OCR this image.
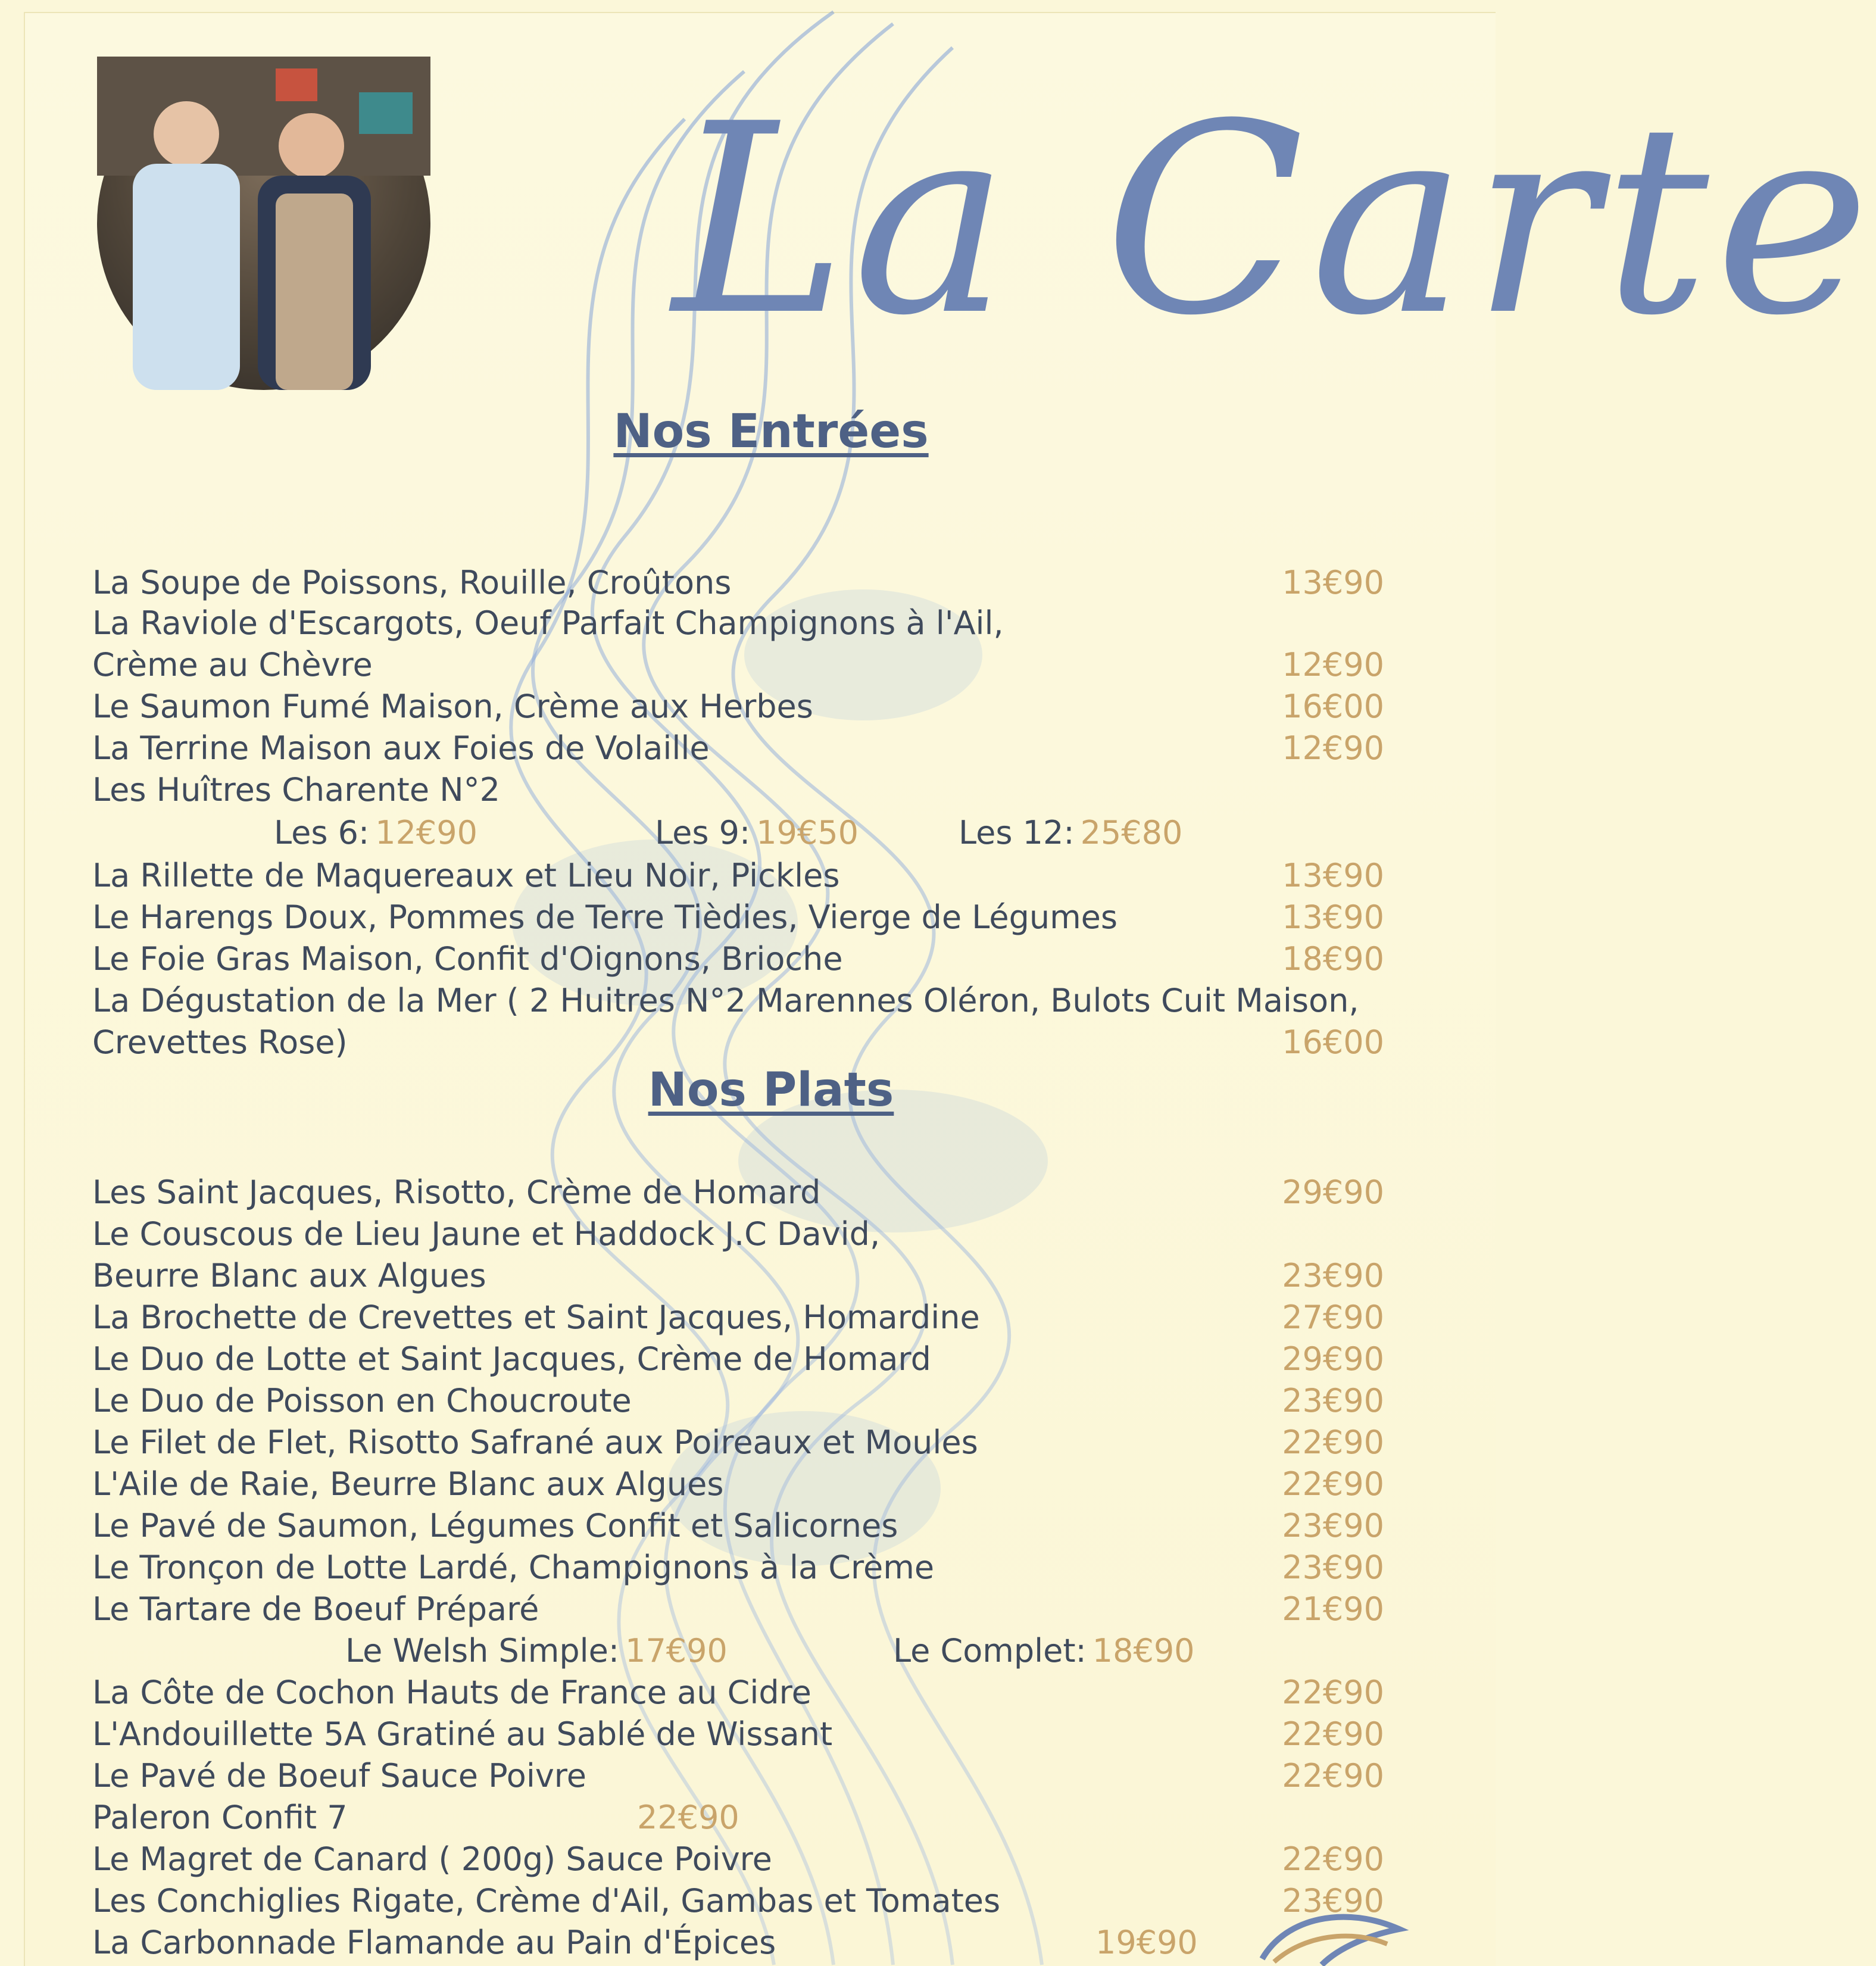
La Carte
Nos Entrées
La Soupe de Poissons, Rouille, Croûtons	13€90
La Raviole d'Escargots, Oeuf Parfait Champignons à l'Ail,
Crème au Chèvre	12€90
Le Saumon Fumé Maison, Crème aux Herbes	16€00
La Terrine Maison aux Foies de Volaille	12€90
Les Huîtres Charente N°2
Les 6: 12€90	Les 9: 19€50	Les 12: 25€80
La Rillette de Maquereaux et Lieu Noir, Pickles	13€90
Le Harengs Doux, Pommes de Terre Tièdies, Vierge de Légumes	13€90
Le Foie Gras Maison, Confit d'Oignons, Brioche	18€90
La Dégustation de la Mer ( 2 Huitres N°2 Marennes Oléron, Bulots Cuit Maison,
Crevettes Rose)	16€00
Nos Plats
Les Saint Jacques, Risotto, Crème de Homard	29€90
Le Couscous de Lieu Jaune et Haddock J.C David,
Beurre Blanc aux Algues	23€90
La Brochette de Crevettes et Saint Jacques, Homardine	27€90
Le Duo de Lotte et Saint Jacques, Crème de Homard	29€90
Le Duo de Poisson en Choucroute	23€90
Le Filet de Flet, Risotto Safrané aux Poireaux et Moules	22€90
L'Aile de Raie, Beurre Blanc aux Algues	22€90
Le Pavé de Saumon, Légumes Confit et Salicornes	23€90
Le Tronçon de Lotte Lardé, Champignons à la Crème	23€90
Le Tartare de Boeuf Préparé	21€90
Le Welsh Simple: 17€90	Le Complet: 18€90
La Côte de Cochon Hauts de France au Cidre	22€90
L'Andouillette 5A Gratiné au Sablé de Wissant	22€90
Le Pavé de Boeuf Sauce Poivre	22€90
Paleron Confit 7	22€90
Le Magret de Canard ( 200g) Sauce Poivre	22€90
Les Conchiglies Rigate, Crème d'Ail, Gambas et Tomates	23€90
La Carbonnade Flamande au Pain d'Épices	19€90
